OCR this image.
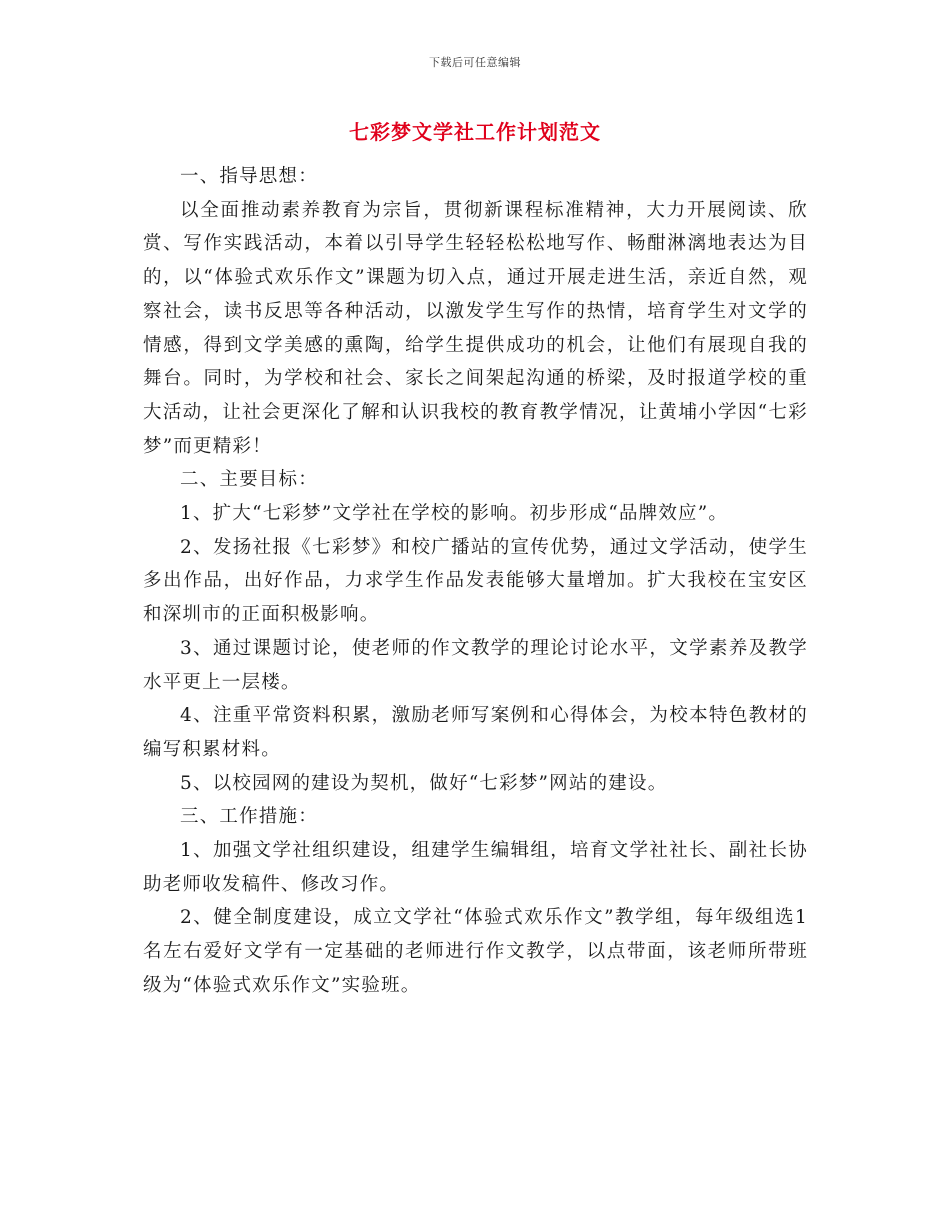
下载后可任意编辑
七彩梦文学社工作计划范文

一、指导思想：

以全面推动素养教育为宗旨，贯彻新课程标准精神，大力开展阅读、欣赏、写作实践活动，本着以引导学生轻轻松松地写作、畅酣淋漓地表达为目的，以“体验式欢乐作文”课题为切入点，通过开展走进生活，亲近自然，观察社会，读书反思等各种活动，以激发学生写作的热情，培育学生对文学的情感，得到文学美感的熏陶，给学生提供成功的机会，让他们有展现自我的舞台。同时，为学校和社会、家长之间架起沟通的桥梁，及时报道学校的重大活动，让社会更深化了解和认识我校的教育教学情况，让黄埔小学因“七彩梦”而更精彩！

二、主要目标：

1、扩大“七彩梦”文学社在学校的影响。初步形成“品牌效应”。

2、发扬社报《七彩梦》和校广播站的宣传优势，通过文学活动，使学生多出作品，出好作品，力求学生作品发表能够大量增加。扩大我校在宝安区和深圳市的正面积极影响。

3、通过课题讨论，使老师的作文教学的理论讨论水平，文学素养及教学水平更上一层楼。

4、注重平常资料积累，激励老师写案例和心得体会，为校本特色教材的编写积累材料。

5、以校园网的建设为契机，做好“七彩梦”网站的建设。

三、工作措施：

1、加强文学社组织建设，组建学生编辑组，培育文学社社长、副社长协助老师收发稿件、修改习作。

2、健全制度建设，成立文学社“体验式欢乐作文”教学组，每年级组选1名左右爱好文学有一定基础的老师进行作文教学，以点带面，该老师所带班级为“体验式欢乐作文”实验班。
